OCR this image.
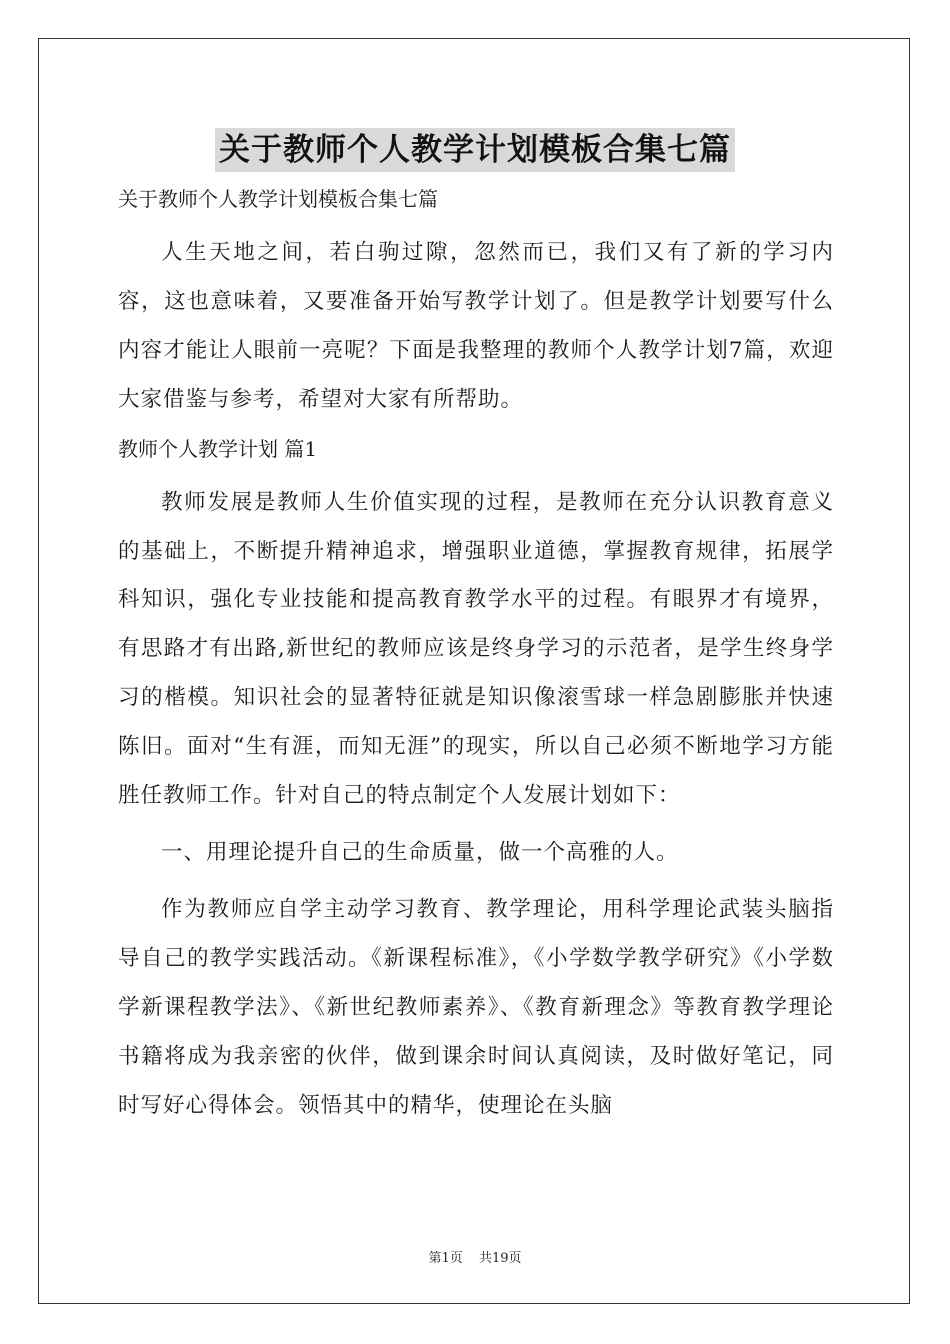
关于教师个人教学计划模板合集七篇

关于教师个人教学计划模板合集七篇

人生天地之间，若白驹过隙，忽然而已，我们又有了新的学习内容，这也意味着，又要准备开始写教学计划了。但是教学计划要写什么内容才能让人眼前一亮呢？下面是我整理的教师个人教学计划7篇，欢迎大家借鉴与参考，希望对大家有所帮助。

教师个人教学计划 篇1

教师发展是教师人生价值实现的过程，是教师在充分认识教育意义的基础上，不断提升精神追求，增强职业道德，掌握教育规律，拓展学科知识，强化专业技能和提高教育教学水平的过程。有眼界才有境界，有思路才有出路,新世纪的教师应该是终身学习的示范者，是学生终身学习的楷模。知识社会的显著特征就是知识像滚雪球一样急剧膨胀并快速陈旧。面对“生有涯，而知无涯”的现实，所以自己必须不断地学习方能胜任教师工作。针对自己的特点制定个人发展计划如下：

一、用理论提升自己的生命质量，做一个高雅的人。

作为教师应自学主动学习教育、教学理论，用科学理论武装头脑指导自己的教学实践活动。《新课程标准》，《小学数学教学研究》《小学数学新课程教学法》、《新世纪教师素养》、《教育新理念》等教育教学理论书籍将成为我亲密的伙伴，做到课余时间认真阅读，及时做好笔记，同时写好心得体会。领悟其中的精华，使理论在头脑

第1页 共19页
